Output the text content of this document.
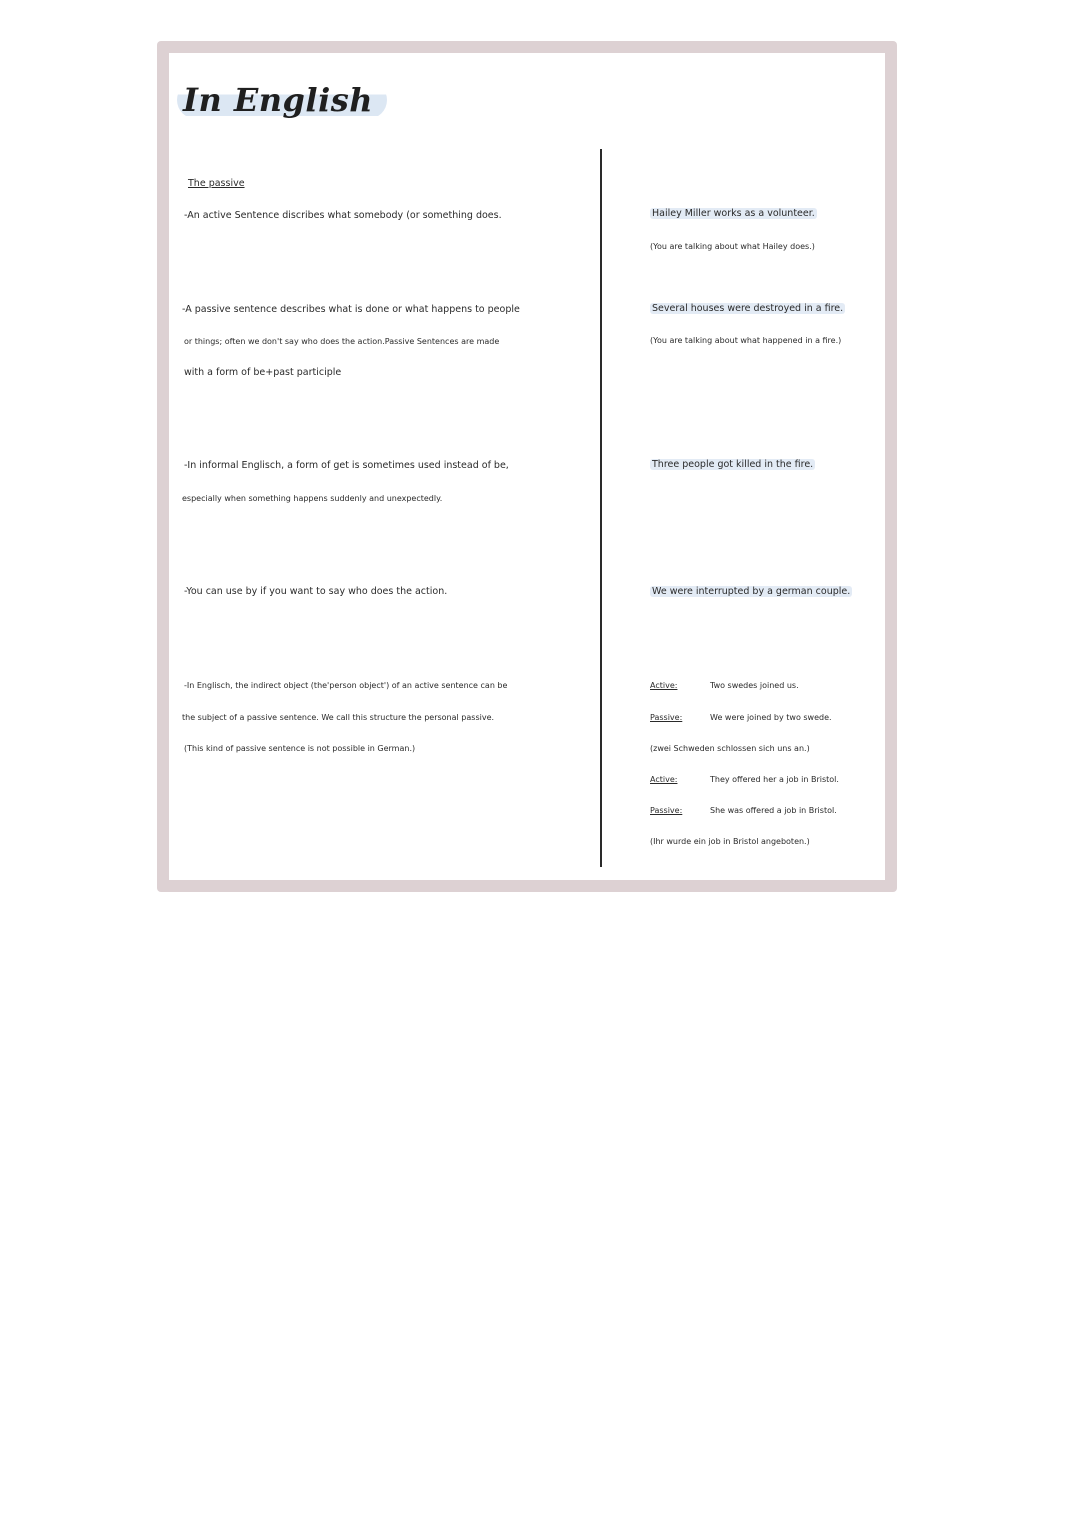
In English
The passive
-An active Sentence discribes what somebody (or something does.
-A passive sentence describes what is done or what happens to people
or things; often we don't say who does the action.Passive Sentences are made
with a form of be+past participle
-In informal Englisch, a form of get is sometimes used instead of be,
especially when something happens suddenly and unexpectedly.
-You can use by if you want to say who does the action.
-In Englisch, the indirect object (the'person object') of an active sentence can be
the subject of a passive sentence. We call this structure the personal passive.
(This kind of passive sentence is not possible in German.)
Hailey Miller works as a volunteer.
(You are talking about what Hailey does.)
Several houses were destroyed in a fire.
(You are talking about what happened in a fire.)
Three people got killed in the fire.
We were interrupted by a german couple.
Active:	Two swedes joined us.
Passive:	We were joined by two swede.
(zwei Schweden schlossen sich uns an.)
Active:	They offered her a job in Bristol.
Passive:	She was offered a job in Bristol.
(Ihr wurde ein job in Bristol angeboten.)
